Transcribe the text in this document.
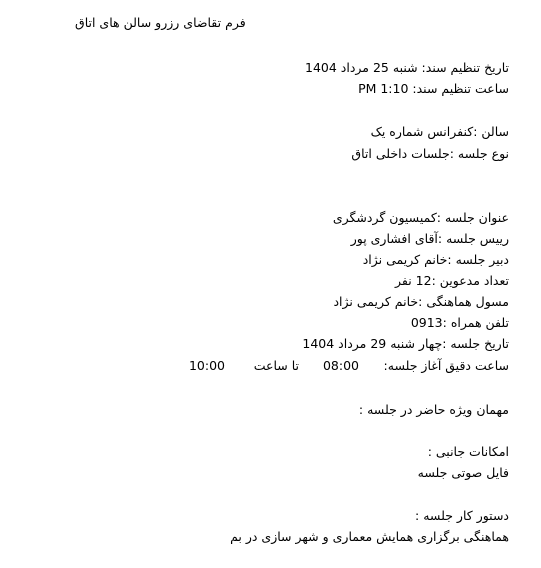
فرم تقاضای رزرو سالن های اتاق
تاریخ تنظیم سند: شنبه 25 مرداد 1404
ساعت تنظیم سند: PM 1:10
سالن :کنفرانس شماره یک
نوع جلسه :جلسات داخلی اتاق
عنوان جلسه :کمیسیون گردشگری
رییس جلسه :آقای افشاری پور
دبیر جلسه :خانم کریمی نژاد
تعداد مدعوین :12 نفر
مسول هماهنگی :خانم کریمی نژاد
تلفن همراه :0913
تاریخ جلسه :چهار شنبه 29 مرداد 1404
ساعت دقیق آغاز جلسه:
08:00
تا ساعت
10:00
مهمان ویژه حاضر در جلسه :
امکانات جانبی :
فایل صوتی جلسه
دستور کار جلسه :
هماهنگی برگزاری همایش معماری و شهر سازی در بم
